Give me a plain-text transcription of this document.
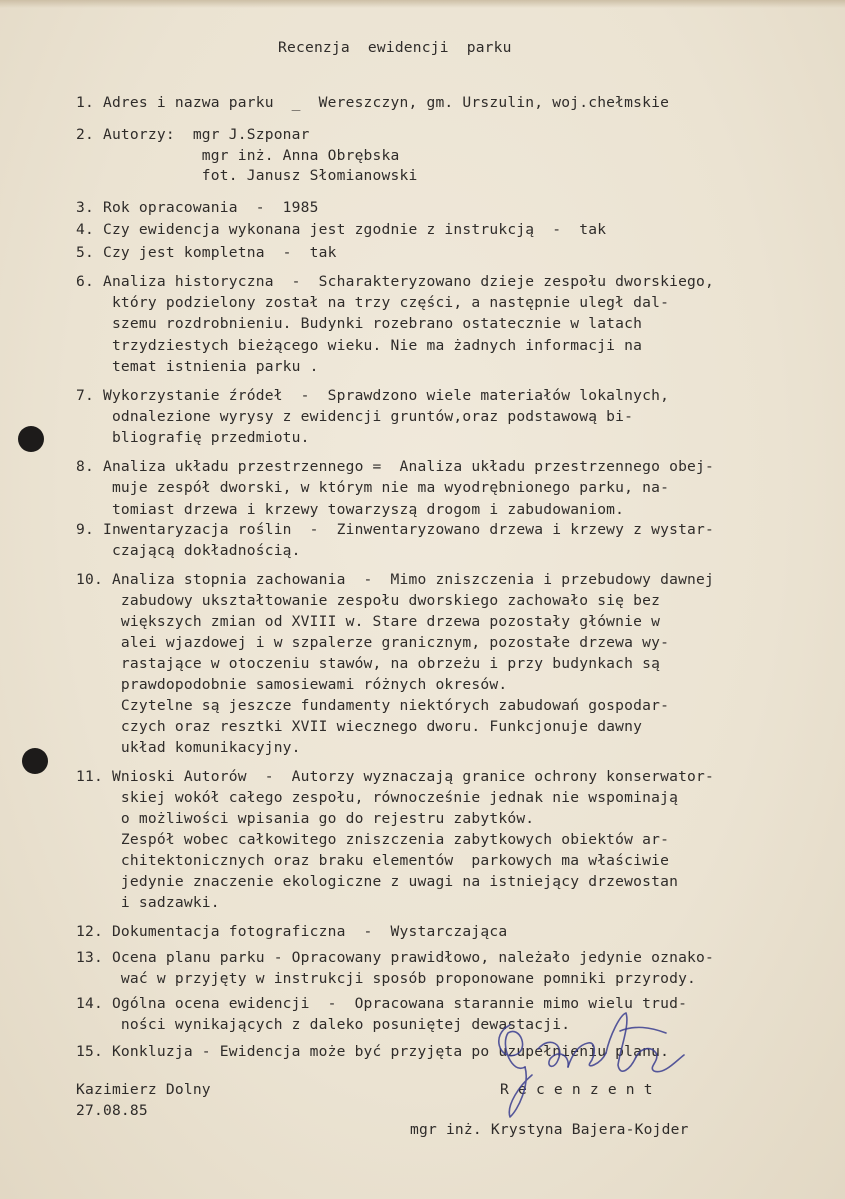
Recenzja  ewidencji  parku
1. Adres i nazwa parku  _  Wereszczyn, gm. Urszulin, woj.chełmskie
2. Autorzy:  mgr J.Szponar
mgr inż. Anna Obrębska
fot. Janusz Słomianowski
3. Rok opracowania  -  1985
4. Czy ewidencja wykonana jest zgodnie z instrukcją  -  tak
5. Czy jest kompletna  -  tak
6. Analiza historyczna  -  Scharakteryzowano dzieje zespołu dworskiego,
który podzielony został na trzy części, a następnie uległ dal-
szemu rozdrobnieniu. Budynki rozebrano ostatecznie w latach
trzydziestych bieżącego wieku. Nie ma żadnych informacji na
temat istnienia parku .
7. Wykorzystanie źródeł  -  Sprawdzono wiele materiałów lokalnych,
odnalezione wyrysy z ewidencji gruntów,oraz podstawową bi-
bliografię przedmiotu.
8. Analiza układu przestrzennego =  Analiza układu przestrzennego obej-
muje zespół dworski, w którym nie ma wyodrębnionego parku, na-
tomiast drzewa i krzewy towarzyszą drogom i zabudowaniom.
9. Inwentaryzacja roślin  -  Zinwentaryzowano drzewa i krzewy z wystar-
czającą dokładnością.
10. Analiza stopnia zachowania  -  Mimo zniszczenia i przebudowy dawnej
zabudowy ukształtowanie zespołu dworskiego zachowało się bez
większych zmian od XVIII w. Stare drzewa pozostały głównie w
alei wjazdowej i w szpalerze granicznym, pozostałe drzewa wy-
rastające w otoczeniu stawów, na obrzeżu i przy budynkach są
prawdopodobnie samosiewami różnych okresów.
Czytelne są jeszcze fundamenty niektórych zabudowań gospodar-
czych oraz resztki XVII wiecznego dworu. Funkcjonuje dawny
układ komunikacyjny.
11. Wnioski Autorów  -  Autorzy wyznaczają granice ochrony konserwator-
skiej wokół całego zespołu, równocześnie jednak nie wspominają
o możliwości wpisania go do rejestru zabytków.
Zespół wobec całkowitego zniszczenia zabytkowych obiektów ar-
chitektonicznych oraz braku elementów  parkowych ma właściwie
jedynie znaczenie ekologiczne z uwagi na istniejący drzewostan
i sadzawki.
12. Dokumentacja fotograficzna  -  Wystarczająca
13. Ocena planu parku - Opracowany prawidłowo, należało jedynie oznako-
wać w przyjęty w instrukcji sposób proponowane pomniki przyrody.
14. Ogólna ocena ewidencji  -  Opracowana starannie mimo wielu trud-
ności wynikających z daleko posuniętej dewastacji.
15. Konkluzja - Ewidencja może być przyjęta po uzupełnieniu planu.
Kazimierz Dolny
27.08.85
R e c e n z e n t
mgr inż. Krystyna Bajera-Kojder
